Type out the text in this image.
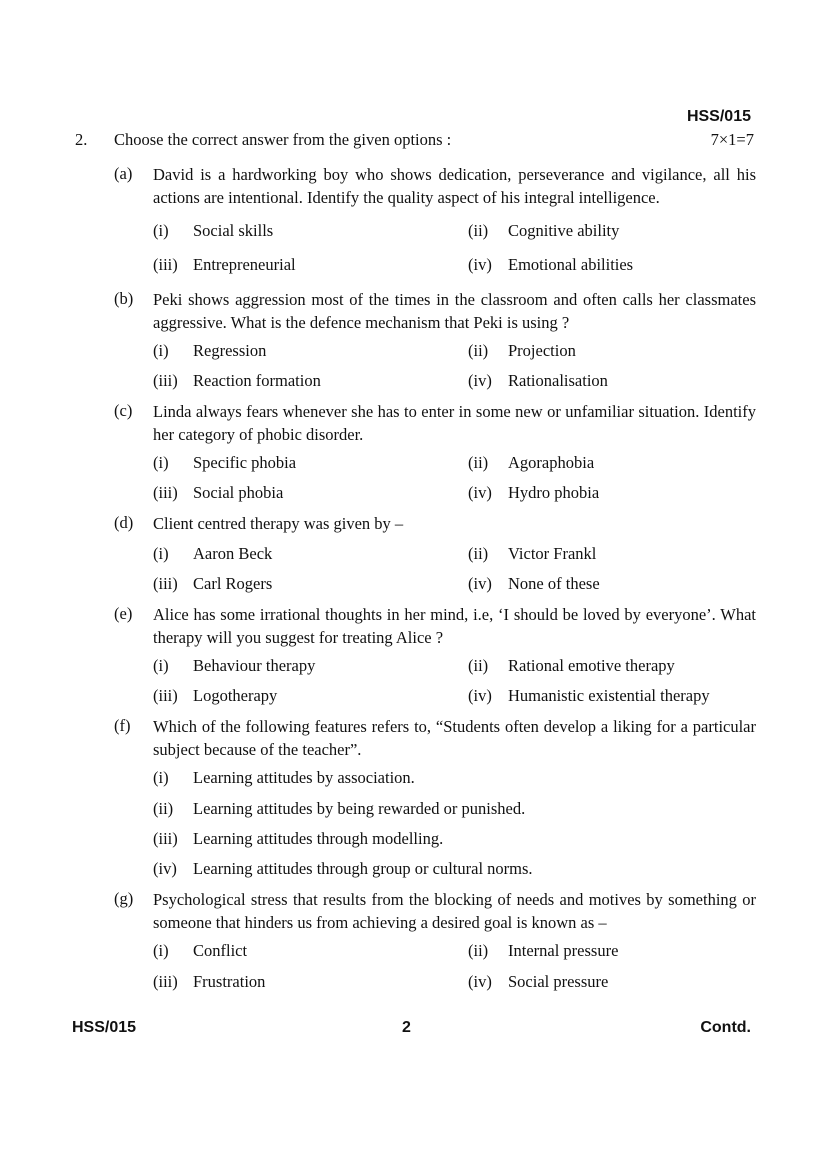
HSS/015
2. Choose the correct answer from the given options :	7×1=7
(a) David is a hardworking boy who shows dedication, perseverance and vigilance, all his actions are intentional. Identify the quality aspect of his integral intelligence.
(i) Social skills	(ii) Cognitive ability
(iii) Entrepreneurial	(iv) Emotional abilities
(b) Peki shows aggression most of the times in the classroom and often calls her classmates aggressive. What is the defence mechanism that Peki is using ?
(i) Regression	(ii) Projection
(iii) Reaction formation	(iv) Rationalisation
(c) Linda always fears whenever she has to enter in some new or unfamiliar situation. Identify her category of phobic disorder.
(i) Specific phobia	(ii) Agoraphobia
(iii) Social phobia	(iv) Hydro phobia
(d) Client centred therapy was given by –
(i) Aaron Beck	(ii) Victor Frankl
(iii) Carl Rogers	(iv) None of these
(e) Alice has some irrational thoughts in her mind, i.e, ‘I should be loved by everyone’. What therapy will you suggest for treating Alice ?
(i) Behaviour therapy	(ii) Rational emotive therapy
(iii) Logotherapy	(iv) Humanistic existential therapy
(f) Which of the following features refers to, “Students often develop a liking for a particular subject because of the teacher”.
(i) Learning attitudes by association.
(ii) Learning attitudes by being rewarded or punished.
(iii) Learning attitudes through modelling.
(iv) Learning attitudes through group or cultural norms.
(g) Psychological stress that results from the blocking of needs and motives by something or someone that hinders us from achieving a desired goal is known as –
(i) Conflict	(ii) Internal pressure
(iii) Frustration	(iv) Social pressure
HSS/015	2	Contd.
